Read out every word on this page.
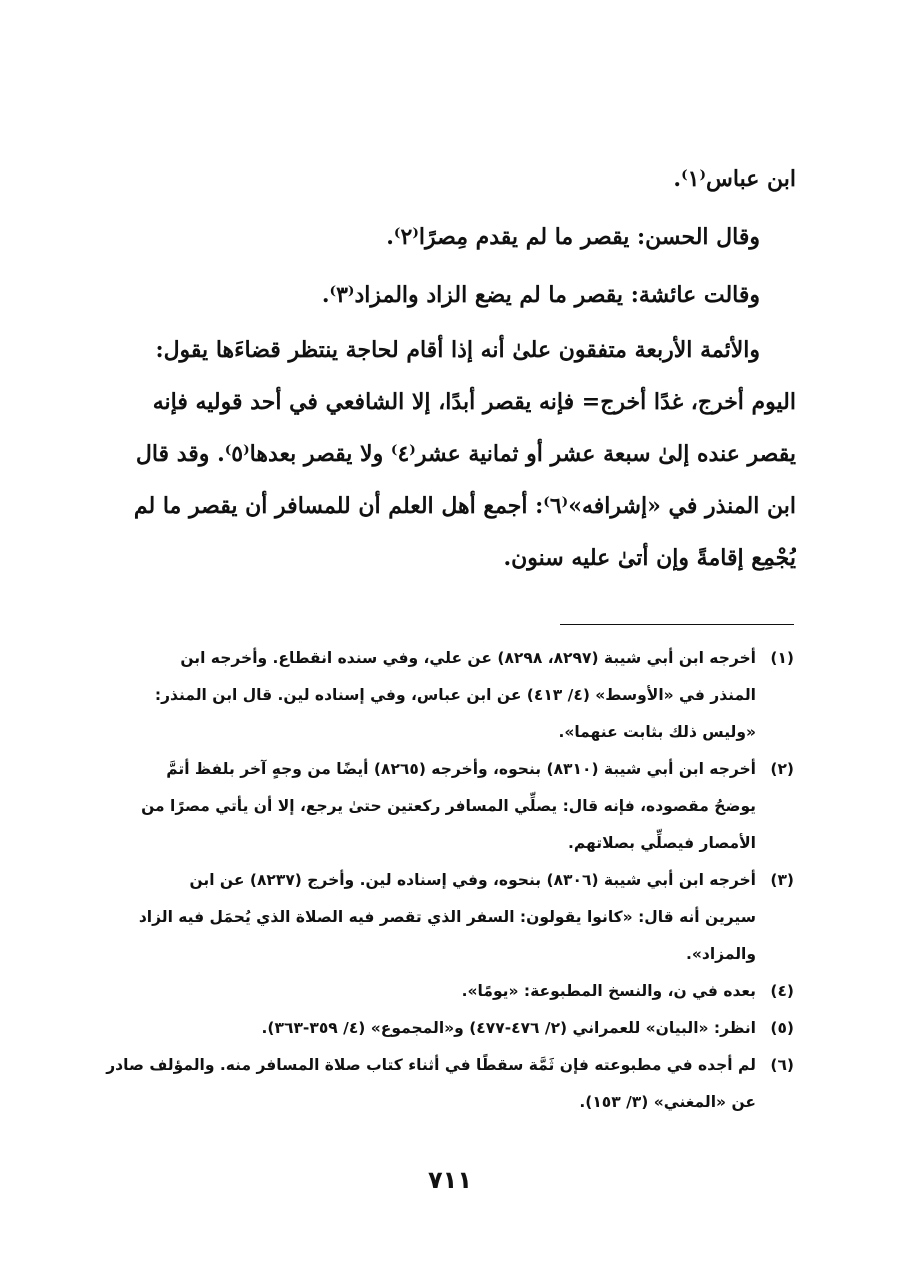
ابن عباس⁽١⁾.

وقال الحسن: يقصر ما لم يقدم مِصرًا⁽٢⁾.

وقالت عائشة: يقصر ما لم يضع الزاد والمزاد⁽٣⁾.

والأئمة الأربعة متفقون علىٰ أنه إذا أقام لحاجة ينتظر قضاءَها يقول:
اليوم أخرج، غدًا أخرج= فإنه يقصر أبدًا، إلا الشافعي في أحد قوليه فإنه
يقصر عنده إلىٰ سبعة عشر أو ثمانية عشر⁽٤⁾ ولا يقصر بعدها⁽٥⁾. وقد قال
ابن المنذر في «إشرافه»⁽٦⁾: أجمع أهل العلم أن للمسافر أن يقصر ما لم
يُجْمِع إقامةً وإن أتىٰ عليه سنون.
(١)
أخرجه ابن أبي شيبة (٨٢٩٧، ٨٢٩٨) عن علي، وفي سنده انقطاع. وأخرجه ابن
المنذر في «الأوسط» (٤/ ٤١٣) عن ابن عباس، وفي إسناده لين. قال ابن المنذر:
«وليس ذلك بثابت عنهما».
(٢)
أخرجه ابن أبي شيبة (٨٣١٠) بنحوه، وأخرجه (٨٢٦٥) أيضًا من وجهٍ آخر بلفظ أتمَّ
يوضحُ مقصوده، فإنه قال: يصلِّي المسافر ركعتين حتىٰ يرجع، إلا أن يأتي مصرًا من
الأمصار فيصلِّي بصلاتهم.
(٣)
أخرجه ابن أبي شيبة (٨٣٠٦) بنحوه، وفي إسناده لين. وأخرج (٨٢٣٧) عن ابن
سيرين أنه قال: «كانوا يقولون: السفر الذي تقصر فيه الصلاة الذي يُحمَل فيه الزاد
والمزاد».
(٤)
بعده في ن، والنسخ المطبوعة: «يومًا».
(٥)
انظر: «البيان» للعمراني (٢/ ٤٧٦-٤٧٧) و«المجموع» (٤/ ٣٥٩-٣٦٣).
(٦)
لم أجده في مطبوعته فإن ثَمَّة سقطًا في أثناء كتاب صلاة المسافر منه. والمؤلف صادر
عن «المغني» (٣/ ١٥٣).
٧١١
